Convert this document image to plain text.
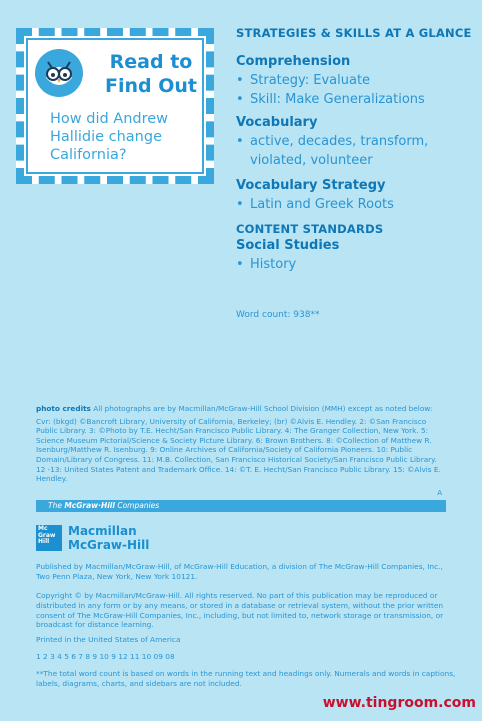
Read to
Find Out
How did Andrew Hallidie change California?
STRATEGIES & SKILLS AT A GLANCE
Comprehension
• Strategy: Evaluate
• Skill: Make Generalizations
Vocabulary
• active, decades, transform, violated, volunteer
Vocabulary Strategy
• Latin and Greek Roots
CONTENT STANDARDS
Social Studies
• History
Word count: 938**
photo credits All photographs are by Macmillan/McGraw-Hill School Division (MMH) except as noted below:
Cvr: (bkgd) ©Bancroft Library, University of California, Berkeley; (br) ©Alvis E. Hendley. 2: ©San Francisco Public Library. 3: ©Photo by T.E. Hecht/San Francisco Public Library. 4: The Granger Collection, New York. 5: Science Museum Pictorial/Science & Society Picture Library. 6: Brown Brothers. 8: ©Collection of Matthew R. Isenburg/Matthew R. Isenburg. 9: Online Archives of California/Society of California Pioneers. 10: Public Domain/Library of Congress. 11: M.B. Collection, San Francisco Historical Society/San Francisco Public Library. 12 -13: United States Patent and Trademark Office. 14: ©T. E. Hecht/San Francisco Public Library. 15: ©Alvis E. Hendley.
A
The McGraw·Hill Companies
Mc Graw Hill
Macmillan
McGraw-Hill
Published by Macmillan/McGraw-Hill, of McGraw-Hill Education, a division of The McGraw-Hill Companies, Inc., Two Penn Plaza, New York, New York 10121.
Copyright © by Macmillan/McGraw-Hill. All rights reserved. No part of this publication may be reproduced or distributed in any form or by any means, or stored in a database or retrieval system, without the prior written consent of The McGraw-Hill Companies, Inc., including, but not limited to, network storage or transmission, or broadcast for distance learning.
Printed in the United States of America
1 2 3 4 5 6 7 8 9 10 9 12 11 10 09 08
**The total word count is based on words in the running text and headings only. Numerals and words in captions, labels, diagrams, charts, and sidebars are not included.
www.tingroom.com
